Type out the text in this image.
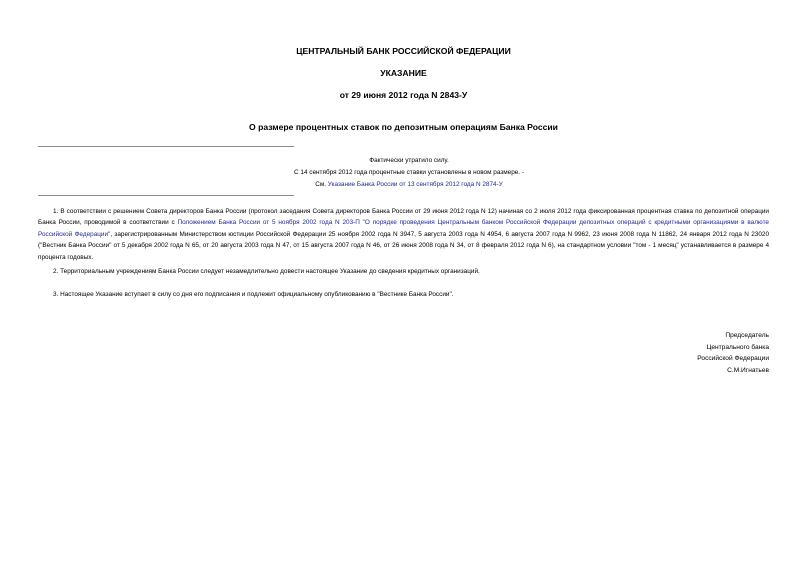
ЦЕНТРАЛЬНЫЙ БАНК РОССИЙСКОЙ ФЕДЕРАЦИИ
УКАЗАНИЕ
от 29 июня 2012 года N 2843-У
О размере процентных ставок по депозитным операциям Банка России
Фактически утратило силу.
С 14 сентября 2012 года процентные ставки установлены в новом размере. -
См. Указание Банка России от 13 сентября 2012 года N 2874-У
1. В соответствии с решением Совета директоров Банка России (протокол заседания Совета директоров Банка России от 29 июня 2012 года N 12) начиная со 2 июля 2012 года фиксированная процентная ставка по депозитной операции Банка России, проводимой в соответствии с Положением Банка России от 5 ноября 2002 года N 203-П "О порядке проведения Центральным банком Российской Федерации депозитных операций с кредитными организациями в валюте Российской Федерации", зарегистрированным Министерством юстиции Российской Федерации 25 ноября 2002 года N 3947, 5 августа 2003 года N 4954, 6 августа 2007 года N 9962, 23 июня 2008 года N 11862, 24 января 2012 года N 23020 ("Вестник Банка России" от 5 декабря 2002 года N 65, от 20 августа 2003 года N 47, от 15 августа 2007 года N 46, от 26 июня 2008 года N 34, от 8 февраля 2012 года N 6), на стандартном условии "том - 1 месяц" устанавливается в размере 4 процента годовых.
2. Территориальным учреждениям Банка России следует незамедлительно довести настоящее Указание до сведения кредитных организаций.
3. Настоящее Указание вступает в силу со дня его подписания и подлежит официальному опубликованию в "Вестнике Банка России".
Председатель
Центрального банка
Российской Федерации
С.М.Игнатьев
